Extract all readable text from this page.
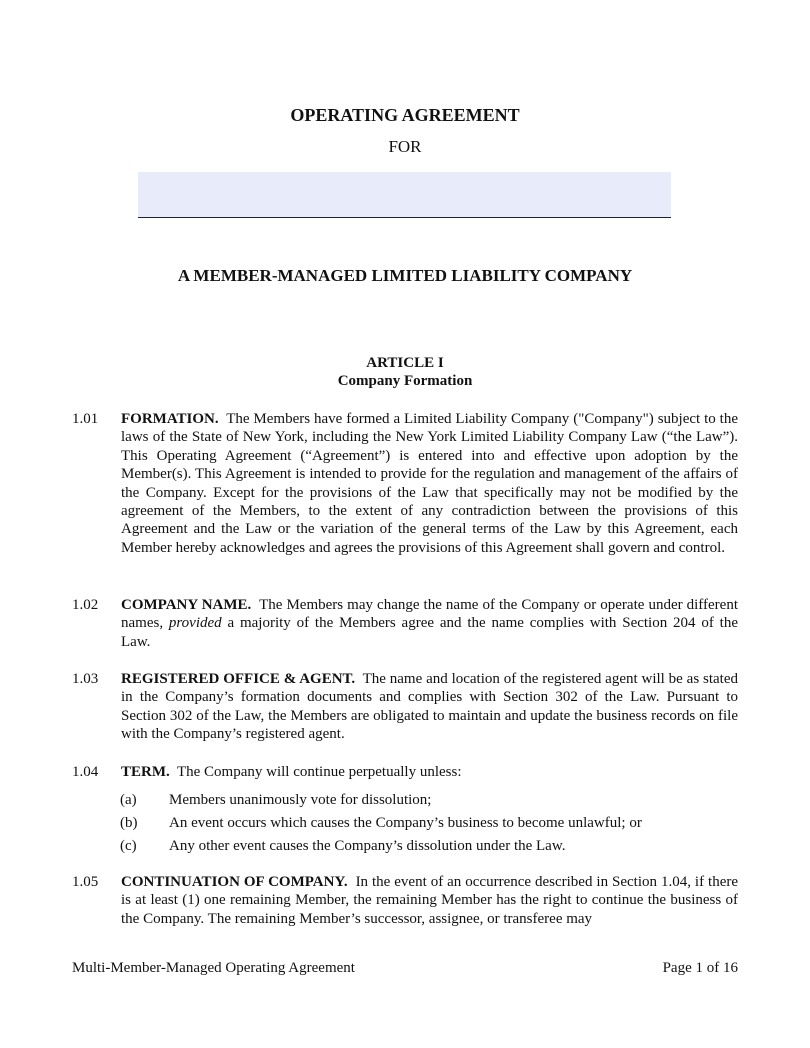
OPERATING AGREEMENT
FOR
A MEMBER-MANAGED LIMITED LIABILITY COMPANY
ARTICLE I
Company Formation
1.01	FORMATION. The Members have formed a Limited Liability Company ("Company") subject to the laws of the State of New York, including the New York Limited Liability Company Law (“the Law”). This Operating Agreement (“Agreement”) is entered into and effective upon adoption by the Member(s). This Agreement is intended to provide for the regulation and management of the affairs of the Company. Except for the provisions of the Law that specifically may not be modified by the agreement of the Members, to the extent of any contradiction between the provisions of this Agreement and the Law or the variation of the general terms of the Law by this Agreement, each Member hereby acknowledges and agrees the provisions of this Agreement shall govern and control.
1.02	COMPANY NAME. The Members may change the name of the Company or operate under different names, provided a majority of the Members agree and the name complies with Section 204 of the Law.
1.03	REGISTERED OFFICE & AGENT. The name and location of the registered agent will be as stated in the Company’s formation documents and complies with Section 302 of the Law. Pursuant to Section 302 of the Law, the Members are obligated to maintain and update the business records on file with the Company’s registered agent.
1.04	TERM. The Company will continue perpetually unless:
(a) Members unanimously vote for dissolution;
(b) An event occurs which causes the Company’s business to become unlawful; or
(c) Any other event causes the Company’s dissolution under the Law.
1.05	CONTINUATION OF COMPANY. In the event of an occurrence described in Section 1.04, if there is at least (1) one remaining Member, the remaining Member has the right to continue the business of the Company. The remaining Member’s successor, assignee, or transferee may
Multi-Member-Managed Operating Agreement	Page 1 of 16
